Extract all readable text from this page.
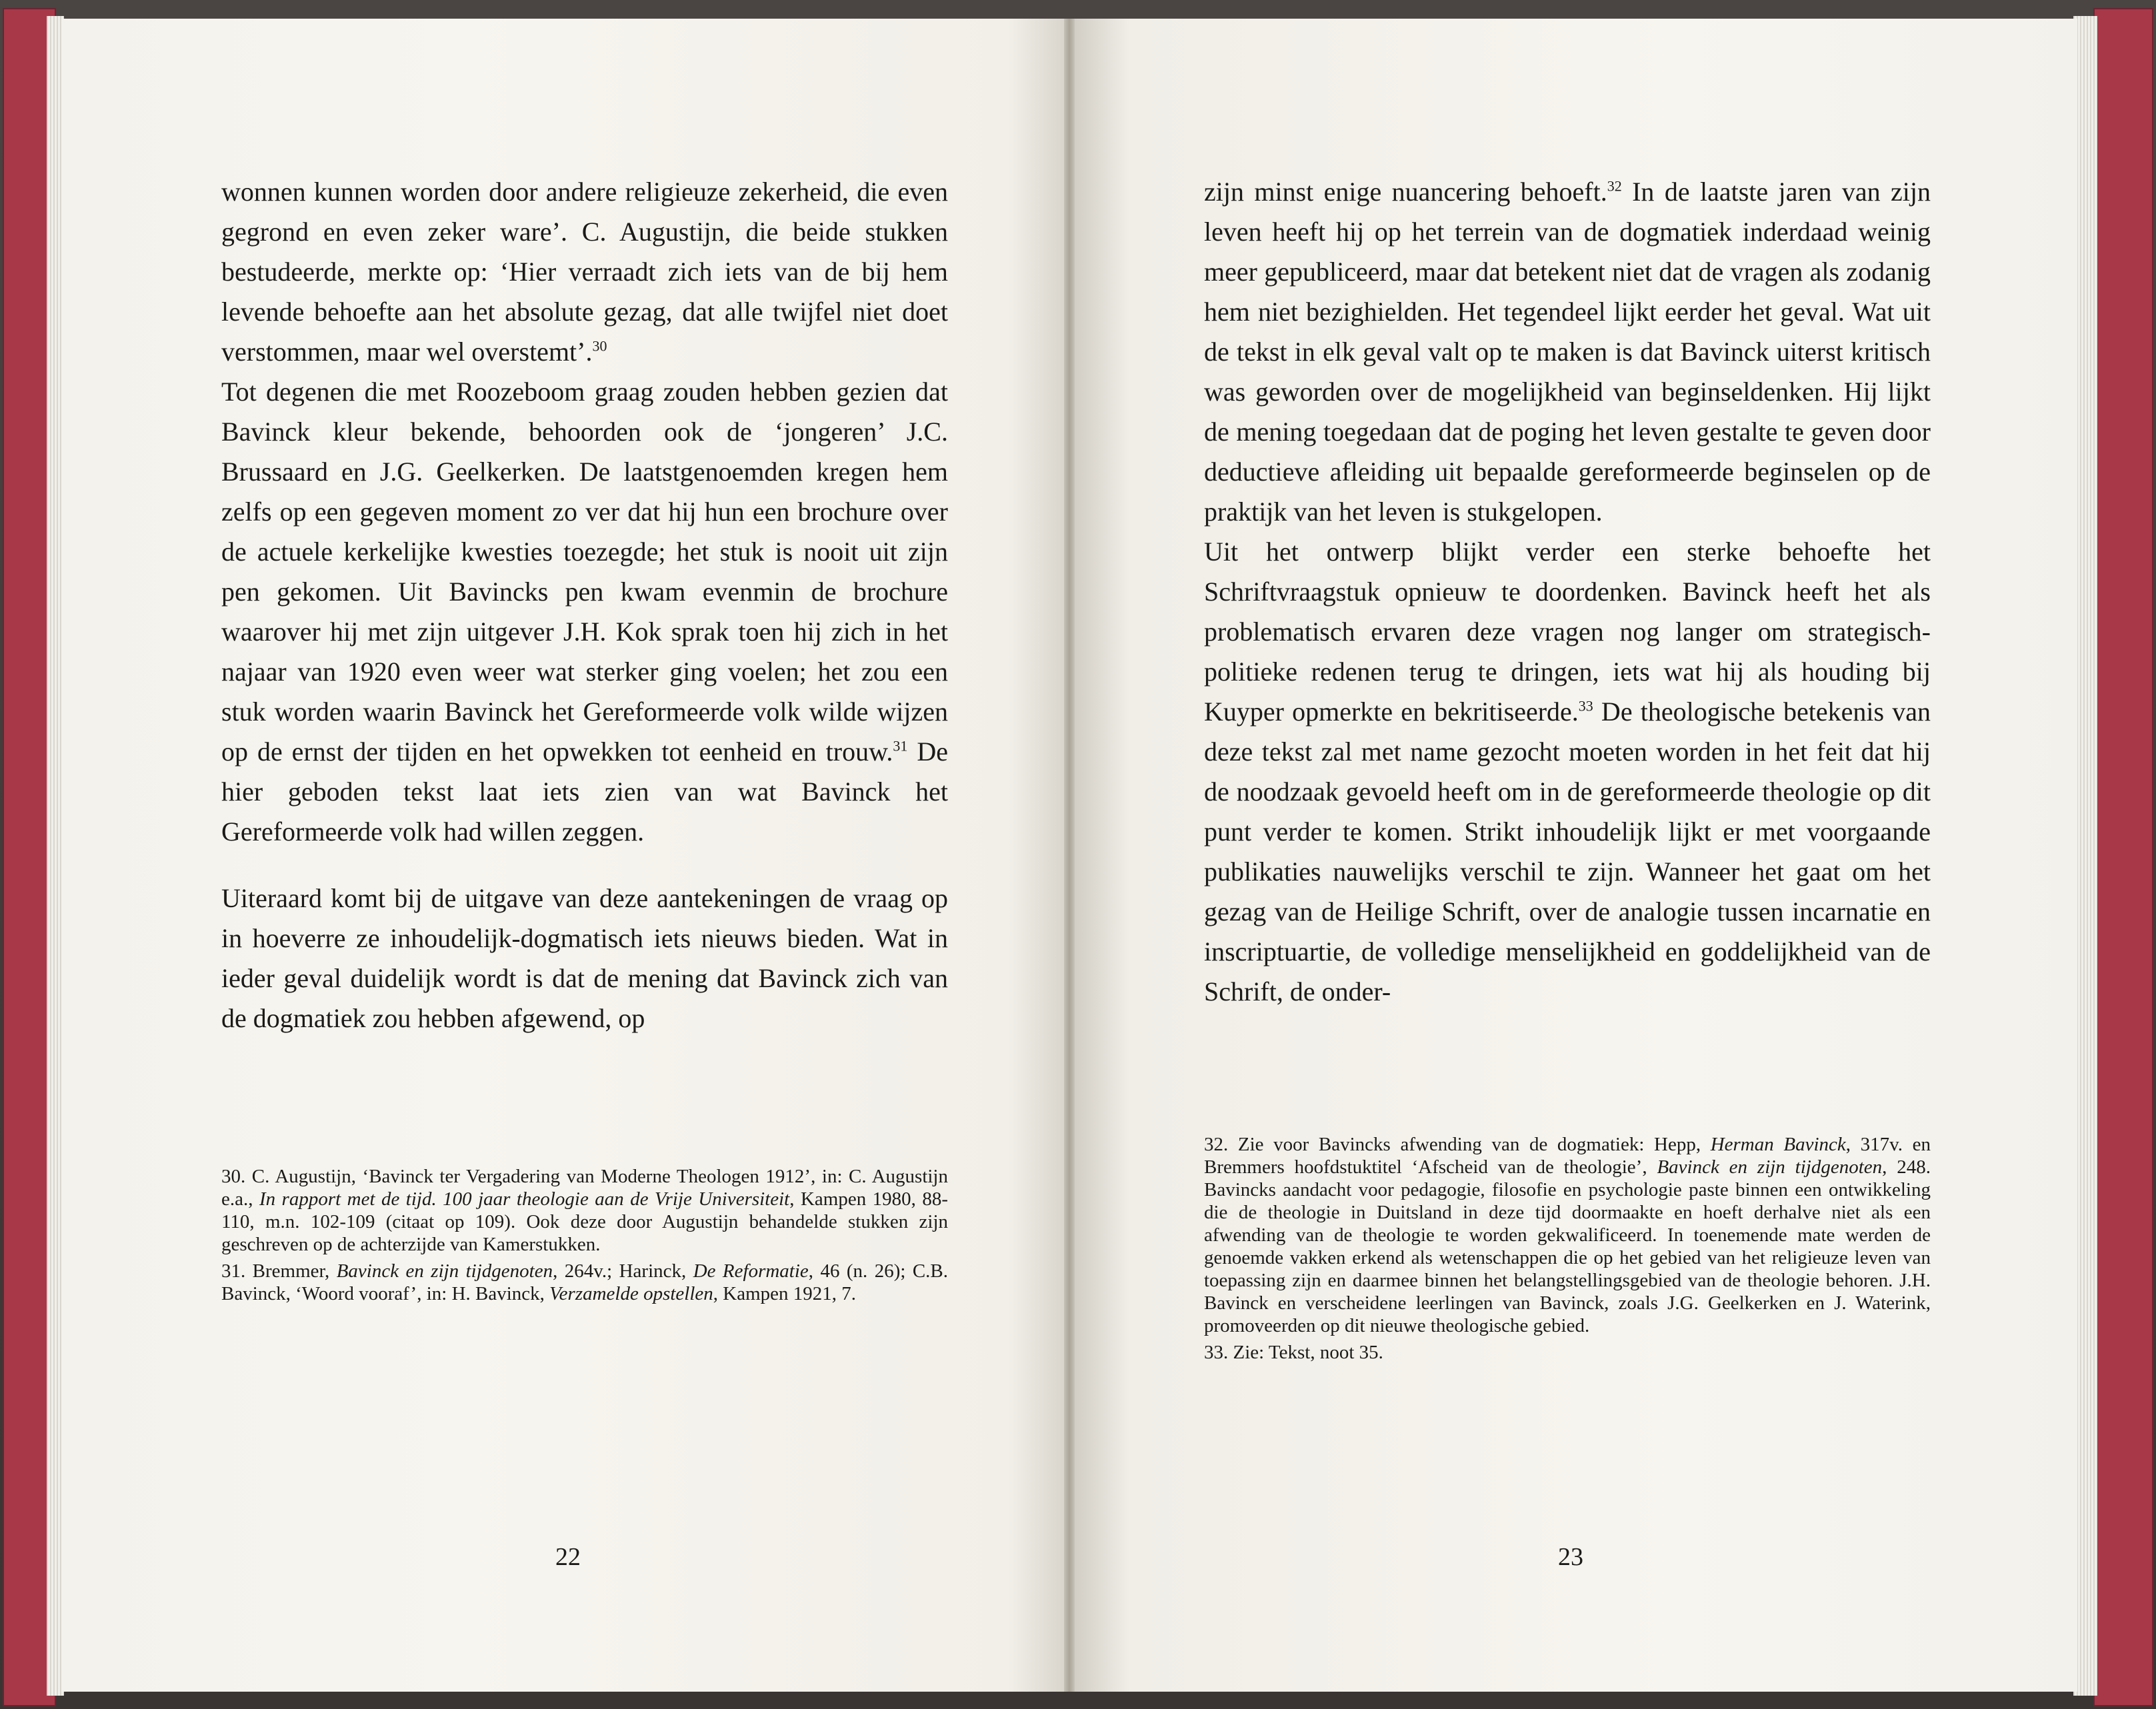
wonnen kunnen worden door andere religieuze zekerheid, die even gegrond en even zeker ware’. C. Augustijn, die beide stukken bestudeerde, merkte op: ‘Hier verraadt zich iets van de bij hem levende behoefte aan het absolute gezag, dat alle twijfel niet doet verstommen, maar wel overstemt’.$^{30}$

Tot degenen die met Roozeboom graag zouden hebben gezien dat Bavinck kleur bekende, behoorden ook de ‘jongeren’ J.C. Brussaard en J.G. Geelkerken. De laatstgenoemden kregen hem zelfs op een gegeven moment zo ver dat hij hun een brochure over de actuele kerkelijke kwesties toezegde; het stuk is nooit uit zijn pen gekomen. Uit Bavincks pen kwam evenmin de brochure waarover hij met zijn uitgever J.H. Kok sprak toen hij zich in het najaar van 1920 even weer wat sterker ging voelen; het zou een stuk worden waarin Bavinck het Gereformeerde volk wilde wijzen op de ernst der tijden en het opwekken tot eenheid en trouw.$^{31}$ De hier geboden tekst laat iets zien van wat Bavinck het Gereformeerde volk had willen zeggen.

Uiteraard komt bij de uitgave van deze aantekeningen de vraag op in hoeverre ze inhoudelijk-dogmatisch iets nieuws bieden. Wat in ieder geval duidelijk wordt is dat de mening dat Bavinck zich van de dogmatiek zou hebben afgewend, op

30. C. Augustijn, ‘Bavinck ter Vergadering van Moderne Theologen 1912’, in: C. Augustijn e.a., In rapport met de tijd. 100 jaar theologie aan de Vrije Universiteit, Kampen 1980, 88-110, m.n. 102-109 (citaat op 109). Ook deze door Augustijn behandelde stukken zijn geschreven op de achterzijde van Kamerstukken.

31. Bremmer, Bavinck en zijn tijdgenoten, 264v.; Harinck, De Reformatie, 46 (n. 26); C.B. Bavinck, ‘Woord vooraf’, in: H. Bavinck, Verzamelde opstellen, Kampen 1921, 7.

22

zijn minst enige nuancering behoeft.$^{32}$ In de laatste jaren van zijn leven heeft hij op het terrein van de dogmatiek inderdaad weinig meer gepubliceerd, maar dat betekent niet dat de vragen als zodanig hem niet bezighielden. Het tegendeel lijkt eerder het geval. Wat uit de tekst in elk geval valt op te maken is dat Bavinck uiterst kritisch was geworden over de mogelijkheid van beginseldenken. Hij lijkt de mening toegedaan dat de poging het leven gestalte te geven door deductieve afleiding uit bepaalde gereformeerde beginselen op de praktijk van het leven is stukgelopen.

Uit het ontwerp blijkt verder een sterke behoefte het Schriftvraagstuk opnieuw te doordenken. Bavinck heeft het als problematisch ervaren deze vragen nog langer om strategisch-politieke redenen terug te dringen, iets wat hij als houding bij Kuyper opmerkte en bekritiseerde.$^{33}$ De theologische betekenis van deze tekst zal met name gezocht moeten worden in het feit dat hij de noodzaak gevoeld heeft om in de gereformeerde theologie op dit punt verder te komen. Strikt inhoudelijk lijkt er met voorgaande publikaties nauwelijks verschil te zijn. Wanneer het gaat om het gezag van de Heilige Schrift, over de analogie tussen incarnatie en inscriptuartie, de volledige menselijkheid en goddelijkheid van de Schrift, de onder-

32. Zie voor Bavincks afwending van de dogmatiek: Hepp, Herman Bavinck, 317v. en Bremmers hoofdstuktitel ‘Afscheid van de theologie’, Bavinck en zijn tijdgenoten, 248. Bavincks aandacht voor pedagogie, filosofie en psychologie paste binnen een ontwikkeling die de theologie in Duitsland in deze tijd doormaakte en hoeft derhalve niet als een afwending van de theologie te worden gekwalificeerd. In toenemende mate werden de genoemde vakken erkend als wetenschappen die op het gebied van het religieuze leven van toepassing zijn en daarmee binnen het belangstellingsgebied van de theologie behoren. J.H. Bavinck en verscheidene leerlingen van Bavinck, zoals J.G. Geelkerken en J. Waterink, promoveerden op dit nieuwe theologische gebied.

33. Zie: Tekst, noot 35.

23
